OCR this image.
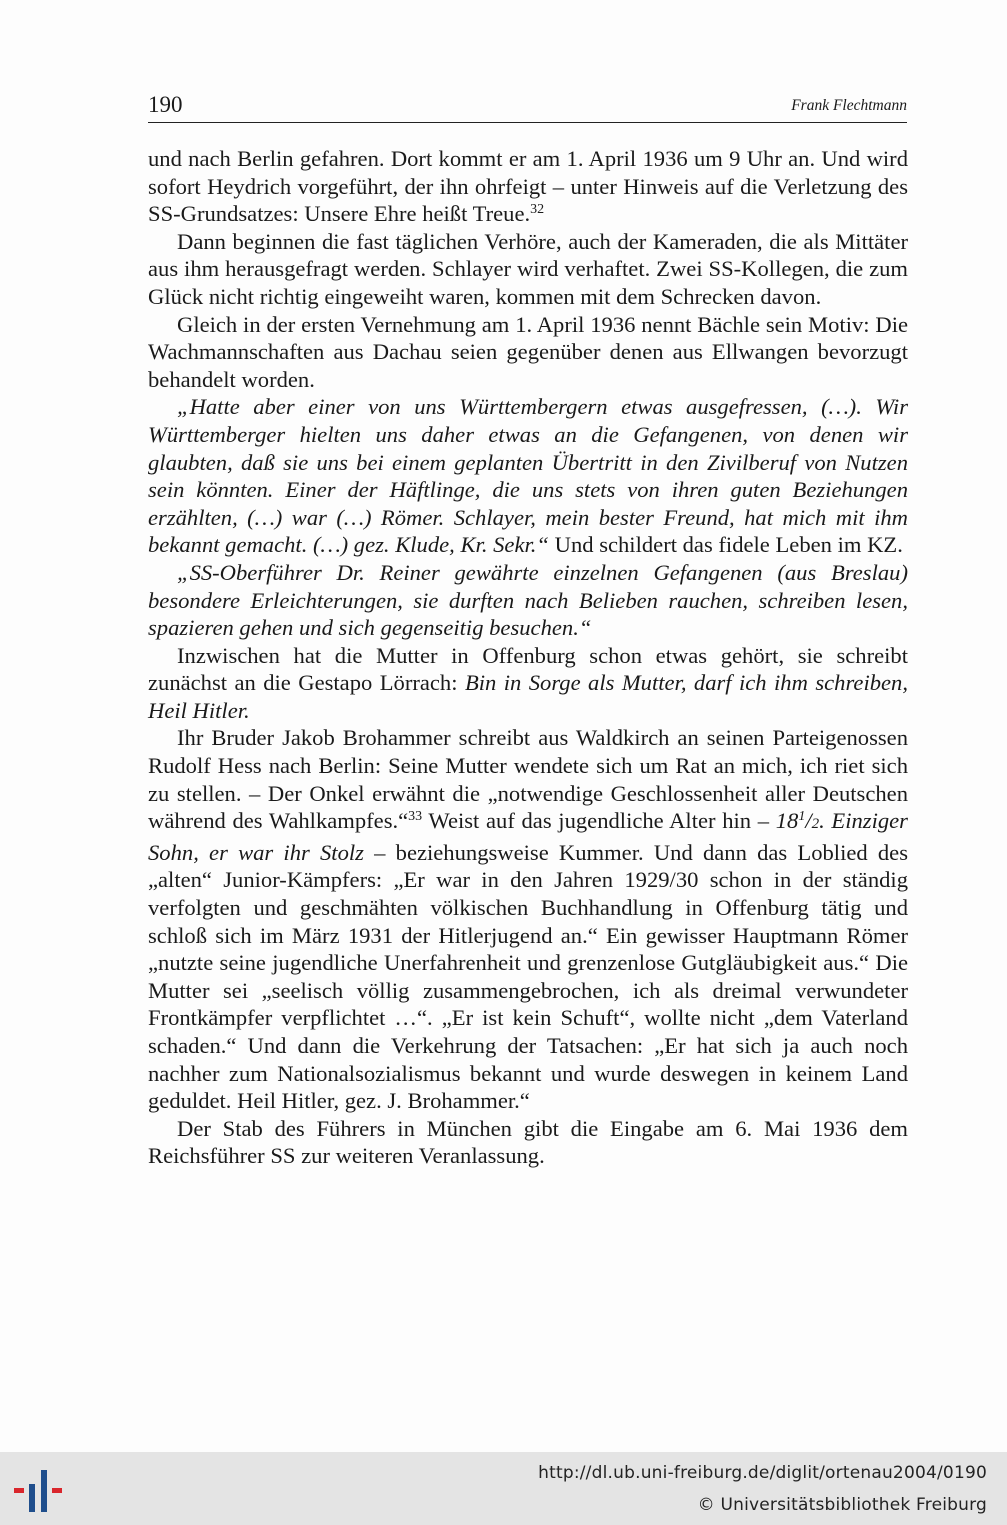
190	Frank Flechtmann

und nach Berlin gefahren. Dort kommt er am 1. April 1936 um 9 Uhr an. Und wird sofort Heydrich vorgeführt, der ihn ohrfeigt – unter Hinweis auf die Verletzung des SS-Grundsatzes: Unsere Ehre heißt Treue.$^{32}$

Dann beginnen die fast täglichen Verhöre, auch der Kameraden, die als Mittäter aus ihm herausgefragt werden. Schlayer wird verhaftet. Zwei SS-Kollegen, die zum Glück nicht richtig eingeweiht waren, kommen mit dem Schrecken davon.

Gleich in der ersten Vernehmung am 1. April 1936 nennt Bächle sein Motiv: Die Wachmannschaften aus Dachau seien gegenüber denen aus Ellwangen bevorzugt behandelt worden.

„Hatte aber einer von uns Württembergern etwas ausgefressen, (…). Wir Württemberger hielten uns daher etwas an die Gefangenen, von denen wir glaubten, daß sie uns bei einem geplanten Übertritt in den Zivilberuf von Nutzen sein könnten. Einer der Häftlinge, die uns stets von ihren guten Beziehungen erzählten, (…) war (…) Römer. Schlayer, mein bester Freund, hat mich mit ihm bekannt gemacht. (…) gez. Klude, Kr. Sekr.“ Und schildert das fidele Leben im KZ.

„SS-Oberführer Dr. Reiner gewährte einzelnen Gefangenen (aus Breslau) besondere Erleichterungen, sie durften nach Belieben rauchen, schreiben lesen, spazieren gehen und sich gegenseitig besuchen.“

Inzwischen hat die Mutter in Offenburg schon etwas gehört, sie schreibt zunächst an die Gestapo Lörrach: Bin in Sorge als Mutter, darf ich ihm schreiben, Heil Hitler.

Ihr Bruder Jakob Brohammer schreibt aus Waldkirch an seinen Parteigenossen Rudolf Hess nach Berlin: Seine Mutter wendete sich um Rat an mich, ich riet sich zu stellen. – Der Onkel erwähnt die „notwendige Geschlossenheit aller Deutschen während des Wahlkampfes.“$^{33}$ Weist auf das jugendliche Alter hin – $18^1/2$. Einziger Sohn, er war ihr Stolz – beziehungsweise Kummer. Und dann das Loblied des „alten“ Junior-Kämpfers: „Er war in den Jahren 1929/30 schon in der ständig verfolgten und geschmähten völkischen Buchhandlung in Offenburg tätig und schloß sich im März 1931 der Hitlerjugend an.“ Ein gewisser Hauptmann Römer „nutzte seine jugendliche Unerfahrenheit und grenzenlose Gutgläubigkeit aus.“ Die Mutter sei „seelisch völlig zusammengebrochen, ich als dreimal verwundeter Frontkämpfer verpflichtet …“. „Er ist kein Schuft“, wollte nicht „dem Vaterland schaden.“ Und dann die Verkehrung der Tatsachen: „Er hat sich ja auch noch nachher zum Nationalsozialismus bekannt und wurde deswegen in keinem Land geduldet. Heil Hitler, gez. J. Brohammer.“

Der Stab des Führers in München gibt die Eingabe am 6. Mai 1936 dem Reichsführer SS zur weiteren Veranlassung.

http://dl.ub.uni-freiburg.de/diglit/ortenau2004/0190
© Universitätsbibliothek Freiburg
